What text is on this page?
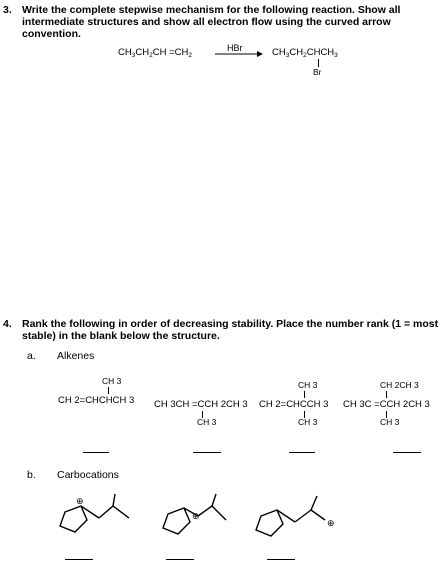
3. Write the complete stepwise mechanism for the following reaction. Show all
intermediate structures and show all electron flow using the curved arrow
convention.
$CH_3CH_2CH =CH_2$
HBr → $CH_3CH_2CHCH_3$
Br
4. Rank the following in order of decreasing stability. Place the number rank (1 = most
stable) in the blank below the structure.
a. Alkenes
CH 3
CH 2=CHCHCH 3 CH 3CH =CCH 2CH 3
CH 3
CH 3
CH 2=CHCCH 3
CH 3
CH 2CH 3
CH 3C =CCH 2CH 3
CH 3
b. Carbocations
⊕
⊕
⊕
